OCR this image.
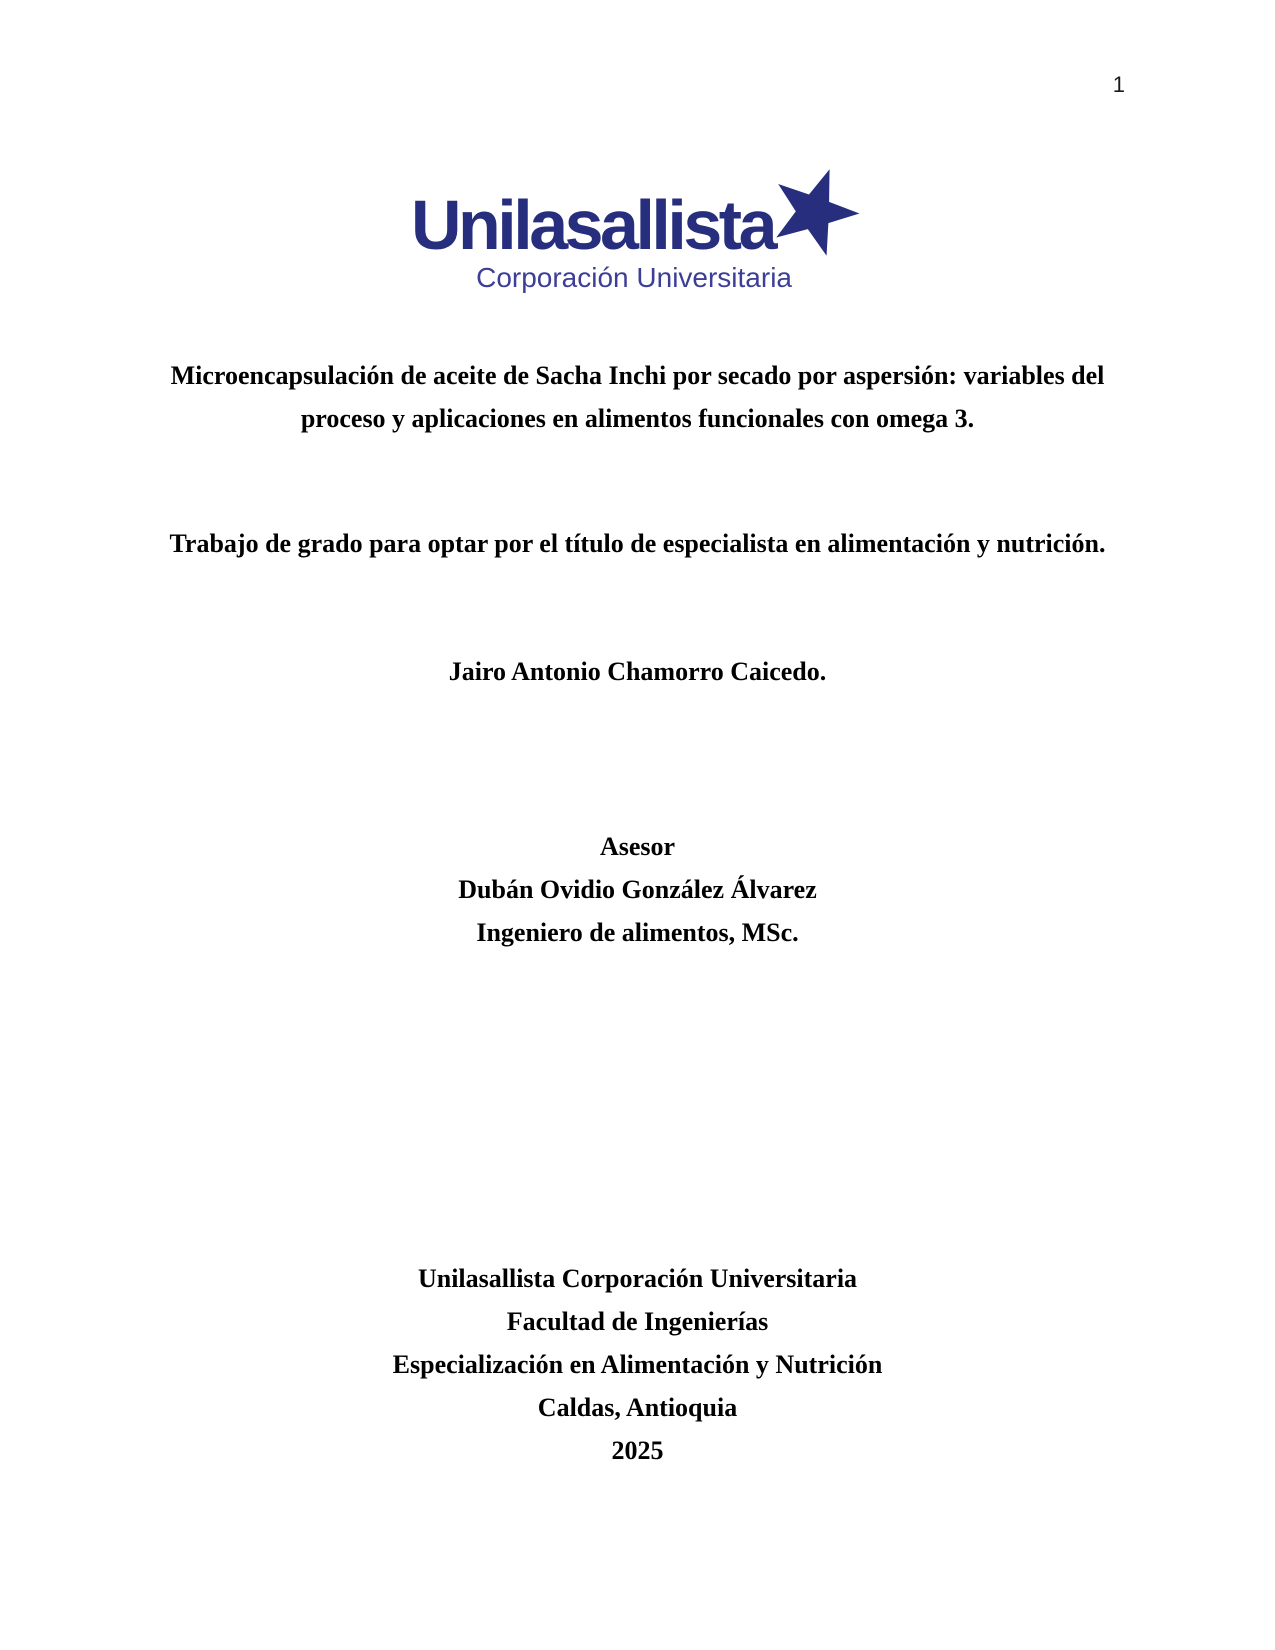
1
Unilasallista
Corporación Universitaria
Microencapsulación de aceite de Sacha Inchi por secado por aspersión: variables del
proceso y aplicaciones en alimentos funcionales con omega 3.
Trabajo de grado para optar por el título de especialista en alimentación y nutrición.
Jairo Antonio Chamorro Caicedo.
Asesor
Dubán Ovidio González Álvarez
Ingeniero de alimentos, MSc.
Unilasallista Corporación Universitaria
Facultad de Ingenierías
Especialización en Alimentación y Nutrición
Caldas, Antioquia
2025
